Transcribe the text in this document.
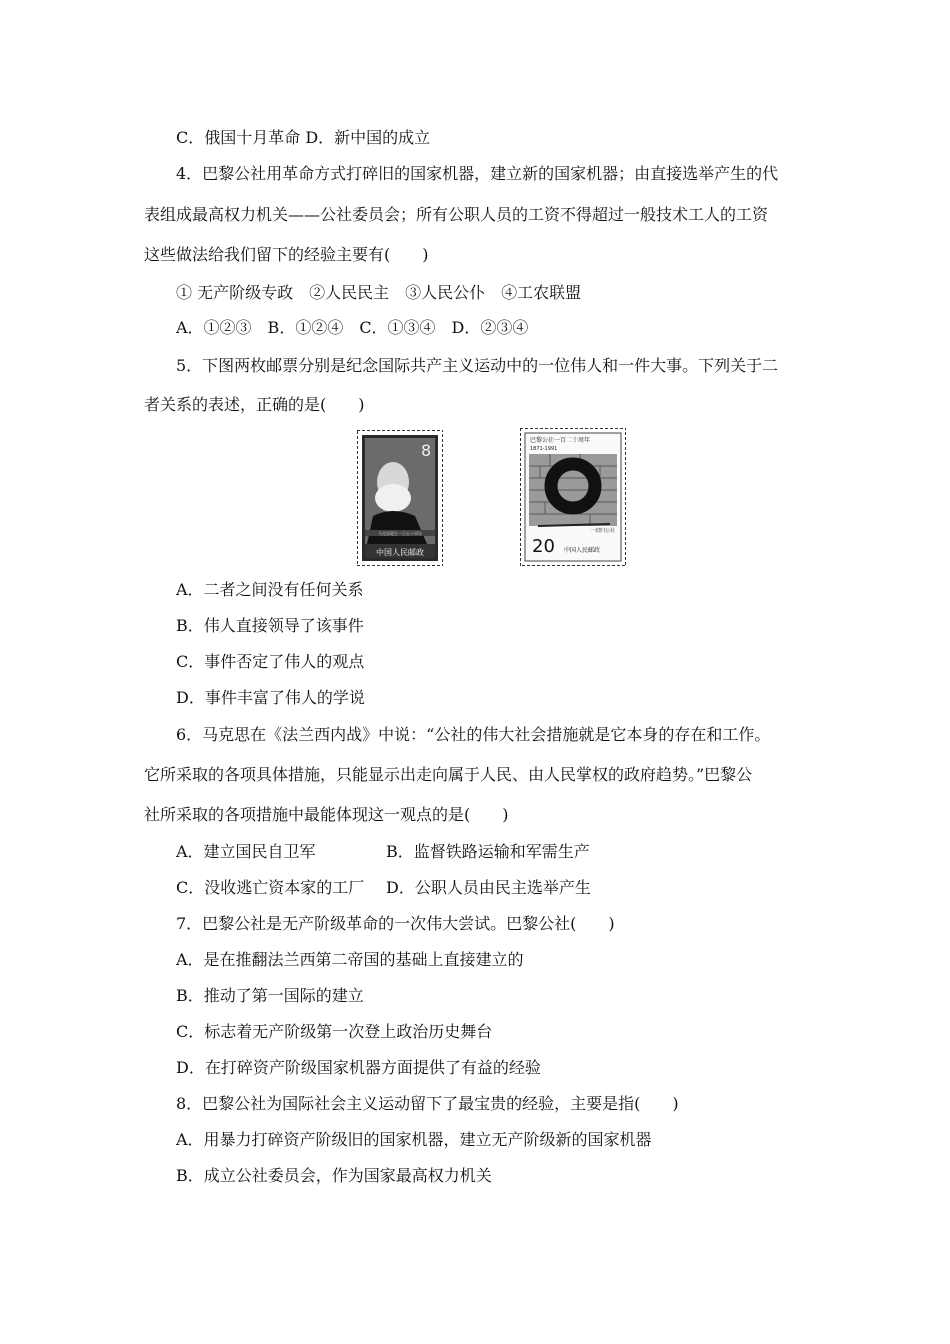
C．俄国十月革命 D．新中国的成立
4．巴黎公社用革命方式打碎旧的国家机器，建立新的国家机器；由直接选举产生的代
表组成最高权力机关——公社委员会；所有公职人员的工资不得超过一般技术工人的工资
这些做法给我们留下的经验主要有(　　)
① 无产阶级专政　②人民民主　③人民公仆　④工农联盟
A．①②③　B．①②④　C．①③④　D．②③④
5．下图两枚邮票分别是纪念国际共产主义运动中的一位伟人和一件大事。下列关于二
者关系的表述，正确的是(　　)
8
马克思诞生一百五十周年
中国人民邮政
巴黎公社一百二十周年
1871-1991
一切归公社
20 中国人民邮政
A．二者之间没有任何关系
B．伟人直接领导了该事件
C．事件否定了伟人的观点
D．事件丰富了伟人的学说
6．马克思在《法兰西内战》中说：“公社的伟大社会措施就是它本身的存在和工作。
它所采取的各项具体措施，只能显示出走向属于人民、由人民掌权的政府趋势。”巴黎公
社所采取的各项措施中最能体现这一观点的是(　　)
A．建立国民自卫军	B．监督铁路运输和军需生产
C．没收逃亡资本家的工厂 D．公职人员由民主选举产生
7．巴黎公社是无产阶级革命的一次伟大尝试。巴黎公社(　　)
A．是在推翻法兰西第二帝国的基础上直接建立的
B．推动了第一国际的建立
C．标志着无产阶级第一次登上政治历史舞台
D．在打碎资产阶级国家机器方面提供了有益的经验
8．巴黎公社为国际社会主义运动留下了最宝贵的经验，主要是指(　　)
A．用暴力打碎资产阶级旧的国家机器，建立无产阶级新的国家机器
B．成立公社委员会，作为国家最高权力机关
